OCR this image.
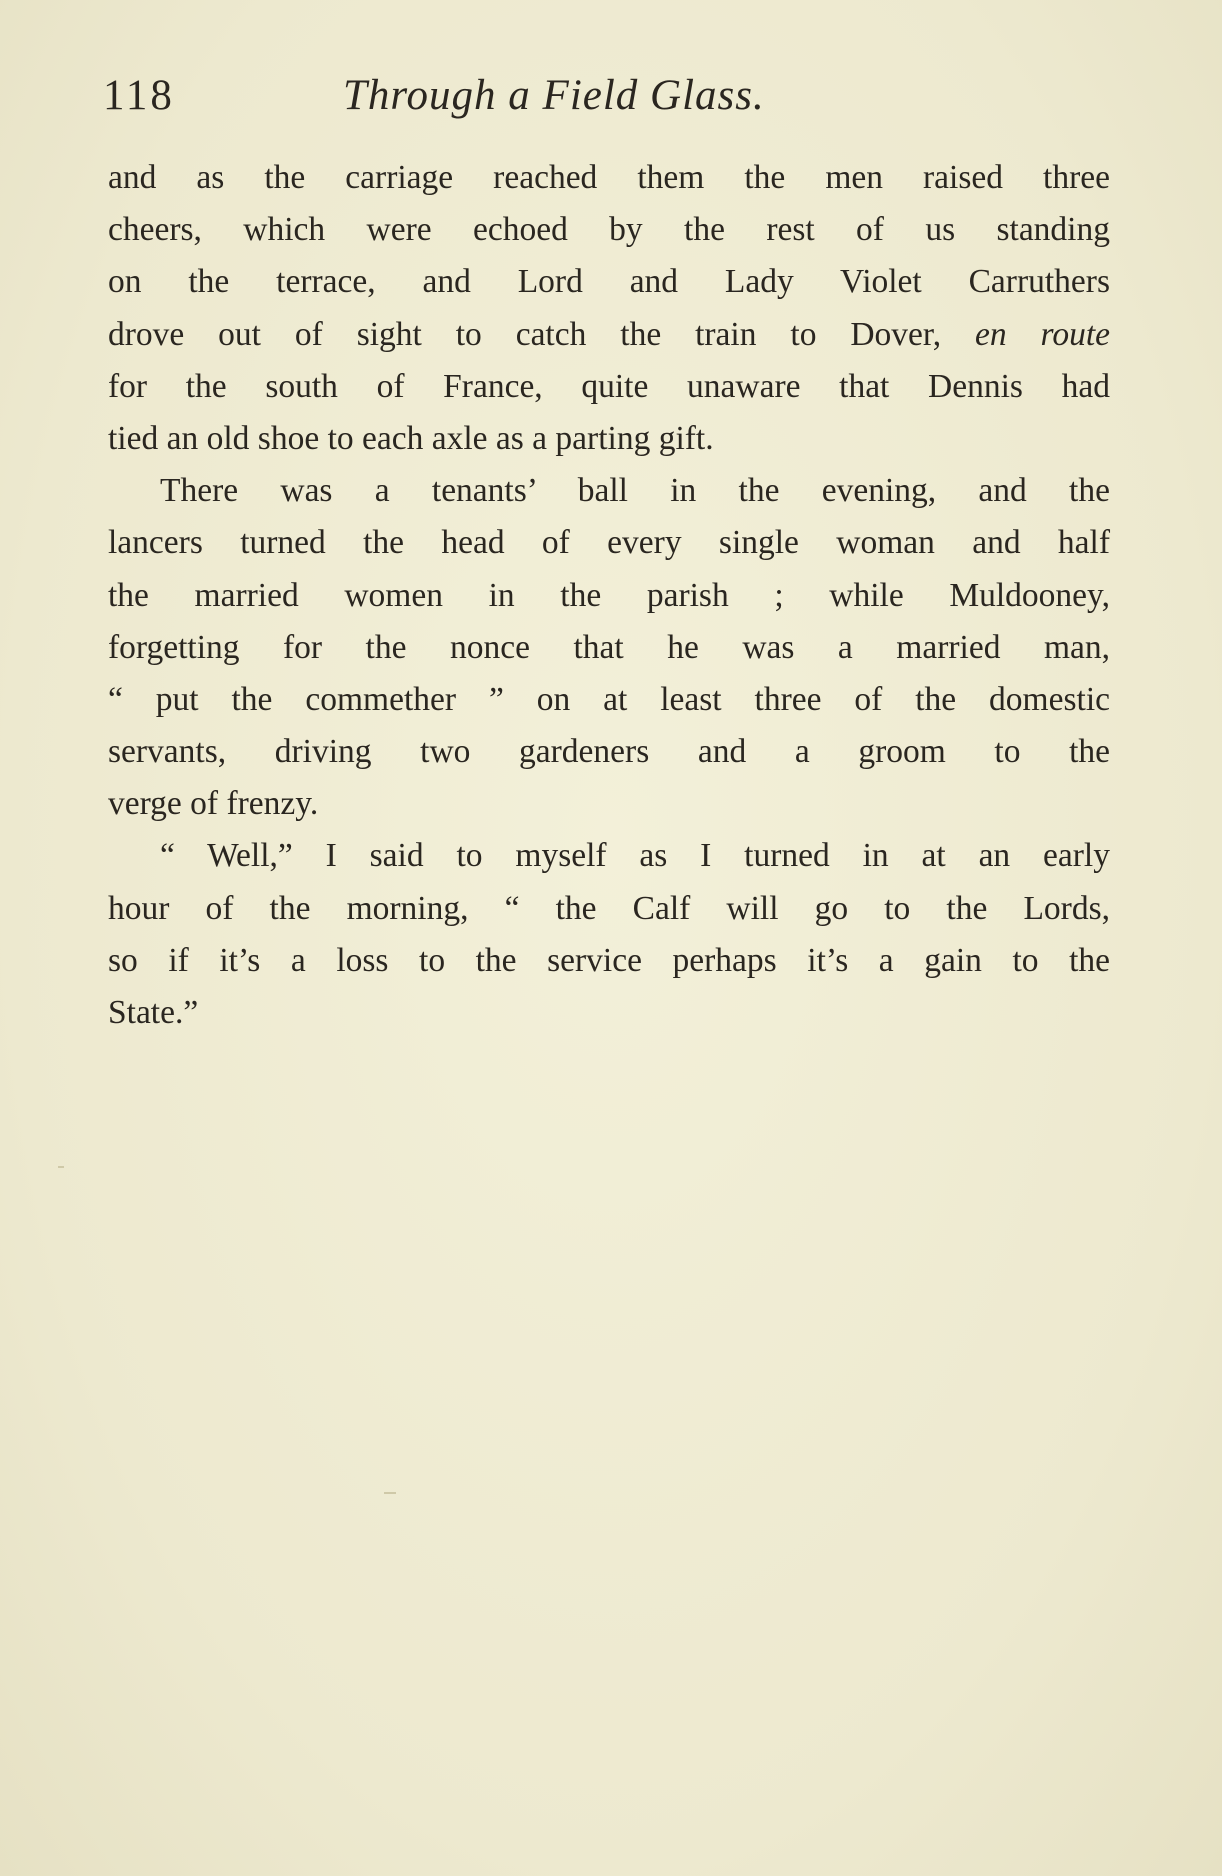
118	Through a Field Glass.

and as the carriage reached them the men raised three
cheers, which were echoed by the rest of us standing
on the terrace, and Lord and Lady Violet Carruthers
drove out of sight to catch the train to Dover, en route
for the south of France, quite unaware that Dennis had
tied an old shoe to each axle as a parting gift.

There was a tenants’ ball in the evening, and the
lancers turned the head of every single woman and half
the married women in the parish ; while Muldooney,
forgetting for the nonce that he was a married man,
“ put the commether ” on at least three of the domestic
servants, driving two gardeners and a groom to the
verge of frenzy.

“ Well,” I said to myself as I turned in at an early
hour of the morning, “ the Calf will go to the Lords,
so if it’s a loss to the service perhaps it’s a gain to the
State.”
